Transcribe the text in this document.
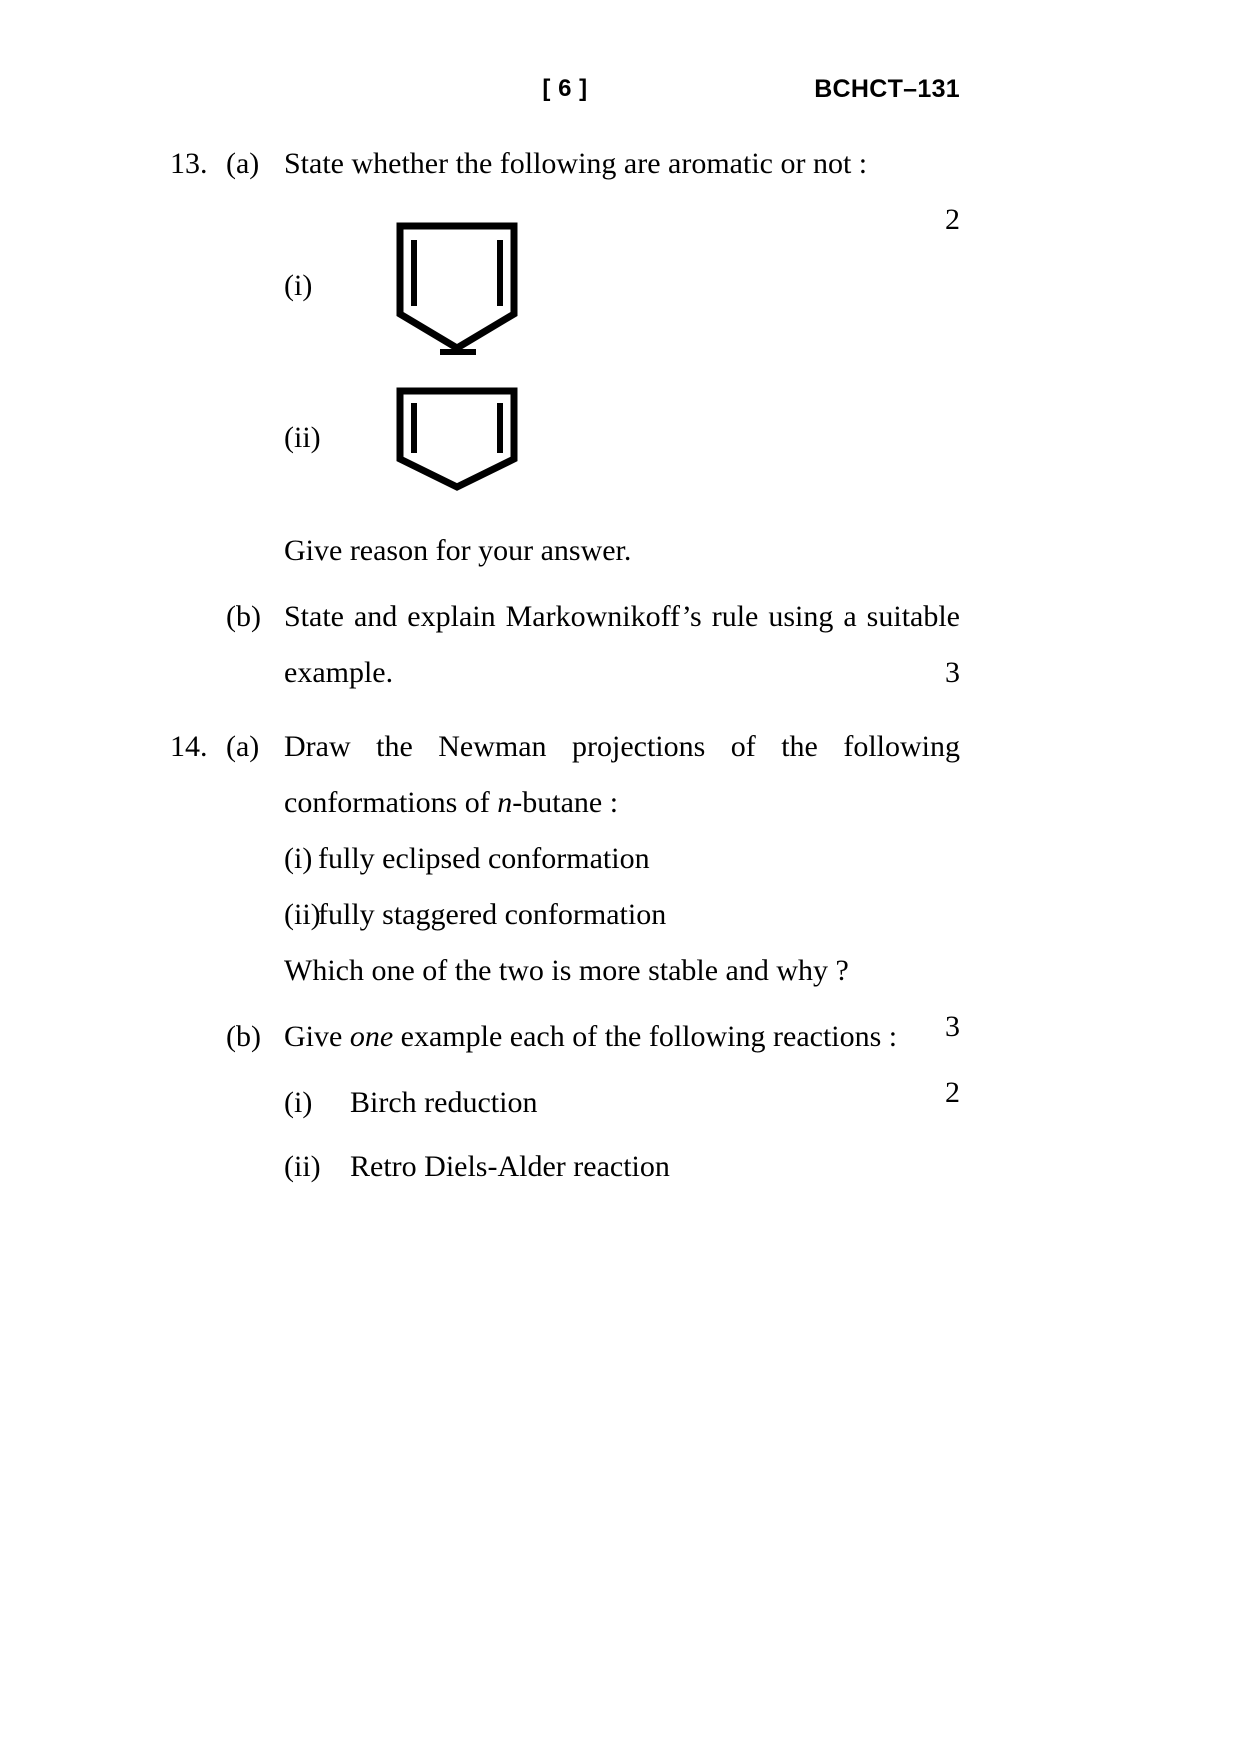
[ 6 ]	BCHCT–131
13. (a) State whether the following are aromatic or not :
2
(i)
(ii)
Give reason for your answer.
(b) State and explain Markownikoff’s rule using a suitable example.	3
14. (a) Draw the Newman projections of the following conformations of n-butane :
(i) fully eclipsed conformation
(ii)fully staggered conformation
Which one of the two is more stable and why ?
3
(b) Give one example each of the following reactions :
2
(i) Birch reduction
(ii) Retro Diels-Alder reaction
